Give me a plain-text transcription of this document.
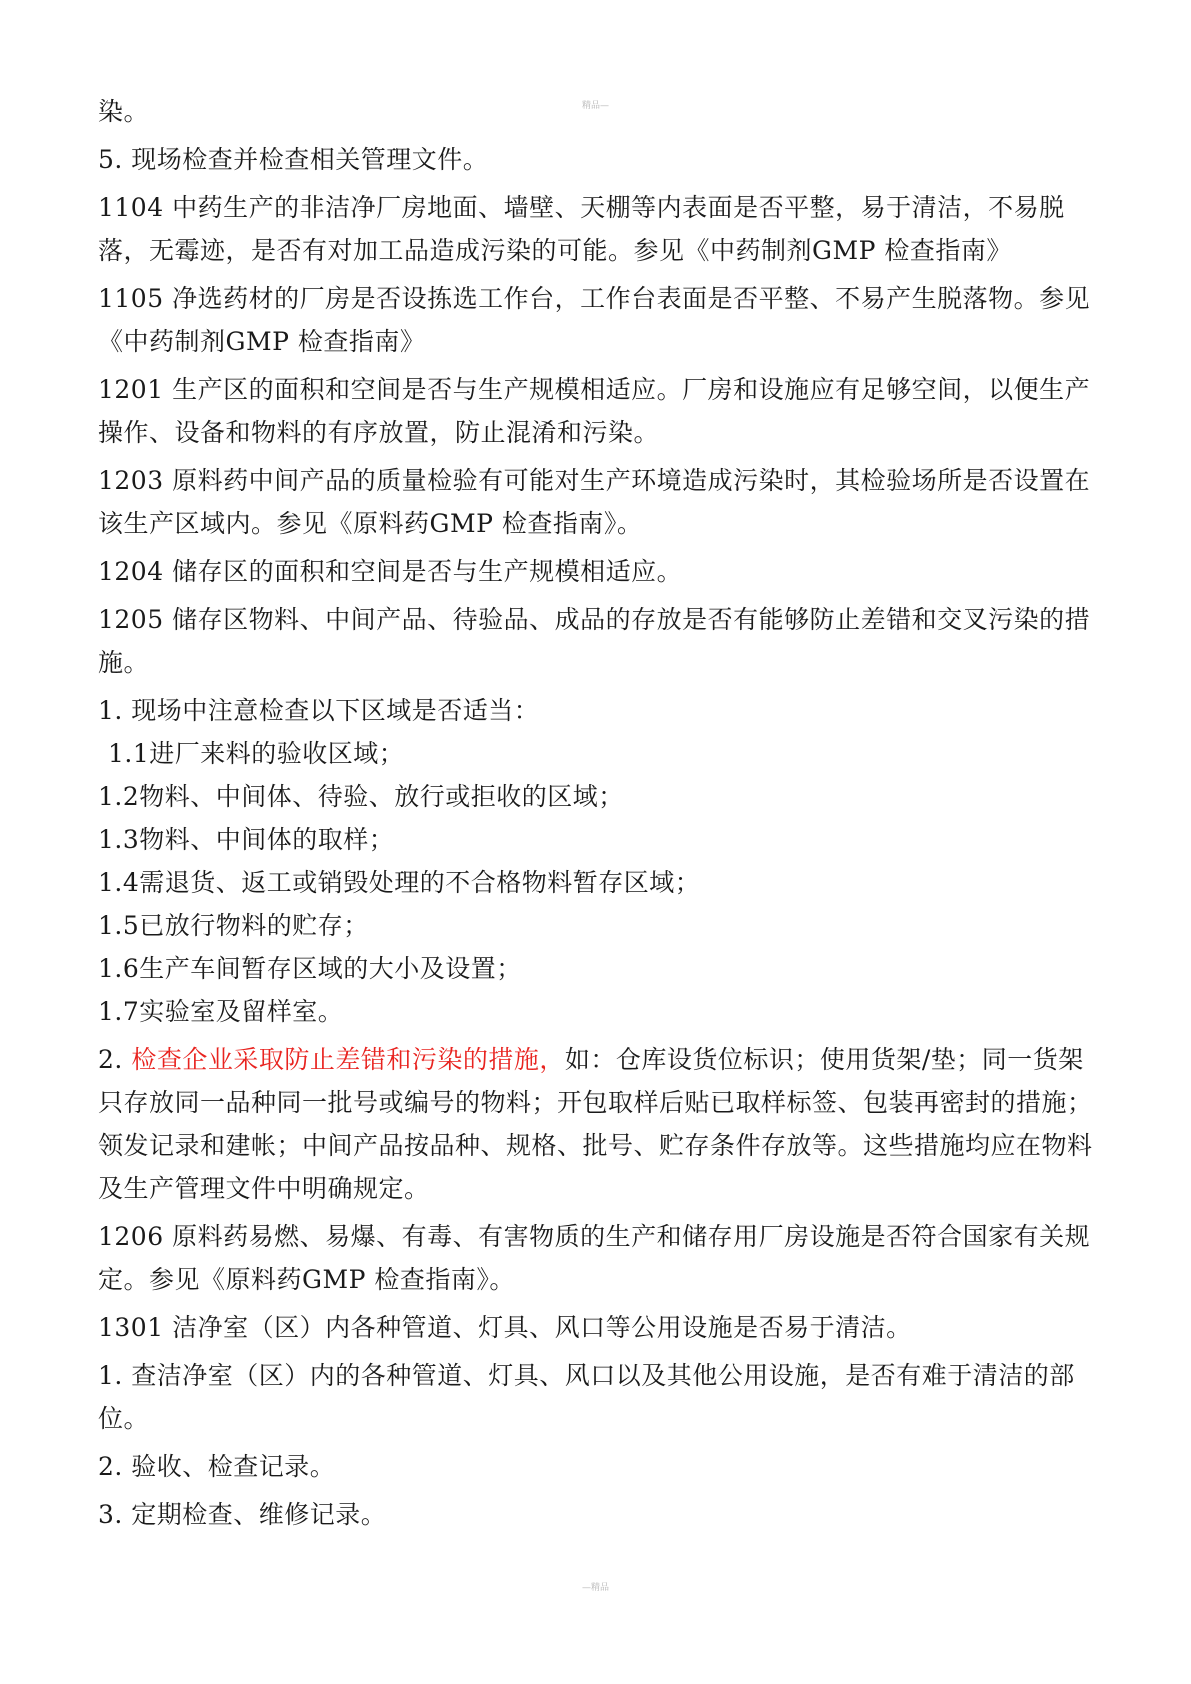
精品—
染。
5. 现场检查并检查相关管理文件。
1104 中药生产的非洁净厂房地面、墙壁、天棚等内表面是否平整，易于清洁，不易脱落，无霉迹，是否有对加工品造成污染的可能。参见《中药制剂GMP 检查指南》
1105 净选药材的厂房是否设拣选工作台，工作台表面是否平整、不易产生脱落物。参见《中药制剂GMP 检查指南》
1201 生产区的面积和空间是否与生产规模相适应。厂房和设施应有足够空间，以便生产操作、设备和物料的有序放置，防止混淆和污染。
1203 原料药中间产品的质量检验有可能对生产环境造成污染时，其检验场所是否设置在该生产区域内。参见《原料药GMP 检查指南》。
1204 储存区的面积和空间是否与生产规模相适应。
1205 储存区物料、中间产品、待验品、成品的存放是否有能够防止差错和交叉污染的措施。
1. 现场中注意检查以下区域是否适当：
1.1进厂来料的验收区域；
1.2物料、中间体、待验、放行或拒收的区域；
1.3物料、中间体的取样；
1.4需退货、返工或销毁处理的不合格物料暂存区域；
1.5已放行物料的贮存；
1.6生产车间暂存区域的大小及设置；
1.7实验室及留样室。
2. 检查企业采取防止差错和污染的措施，如：仓库设货位标识；使用货架/垫；同一货架只存放同一品种同一批号或编号的物料；开包取样后贴已取样标签、包装再密封的措施；领发记录和建帐；中间产品按品种、规格、批号、贮存条件存放等。这些措施均应在物料及生产管理文件中明确规定。
1206 原料药易燃、易爆、有毒、有害物质的生产和储存用厂房设施是否符合国家有关规定。参见《原料药GMP 检查指南》。
1301 洁净室（区）内各种管道、灯具、风口等公用设施是否易于清洁。
1. 查洁净室（区）内的各种管道、灯具、风口以及其他公用设施，是否有难于清洁的部位。
2. 验收、检查记录。
3. 定期检查、维修记录。
—精品
